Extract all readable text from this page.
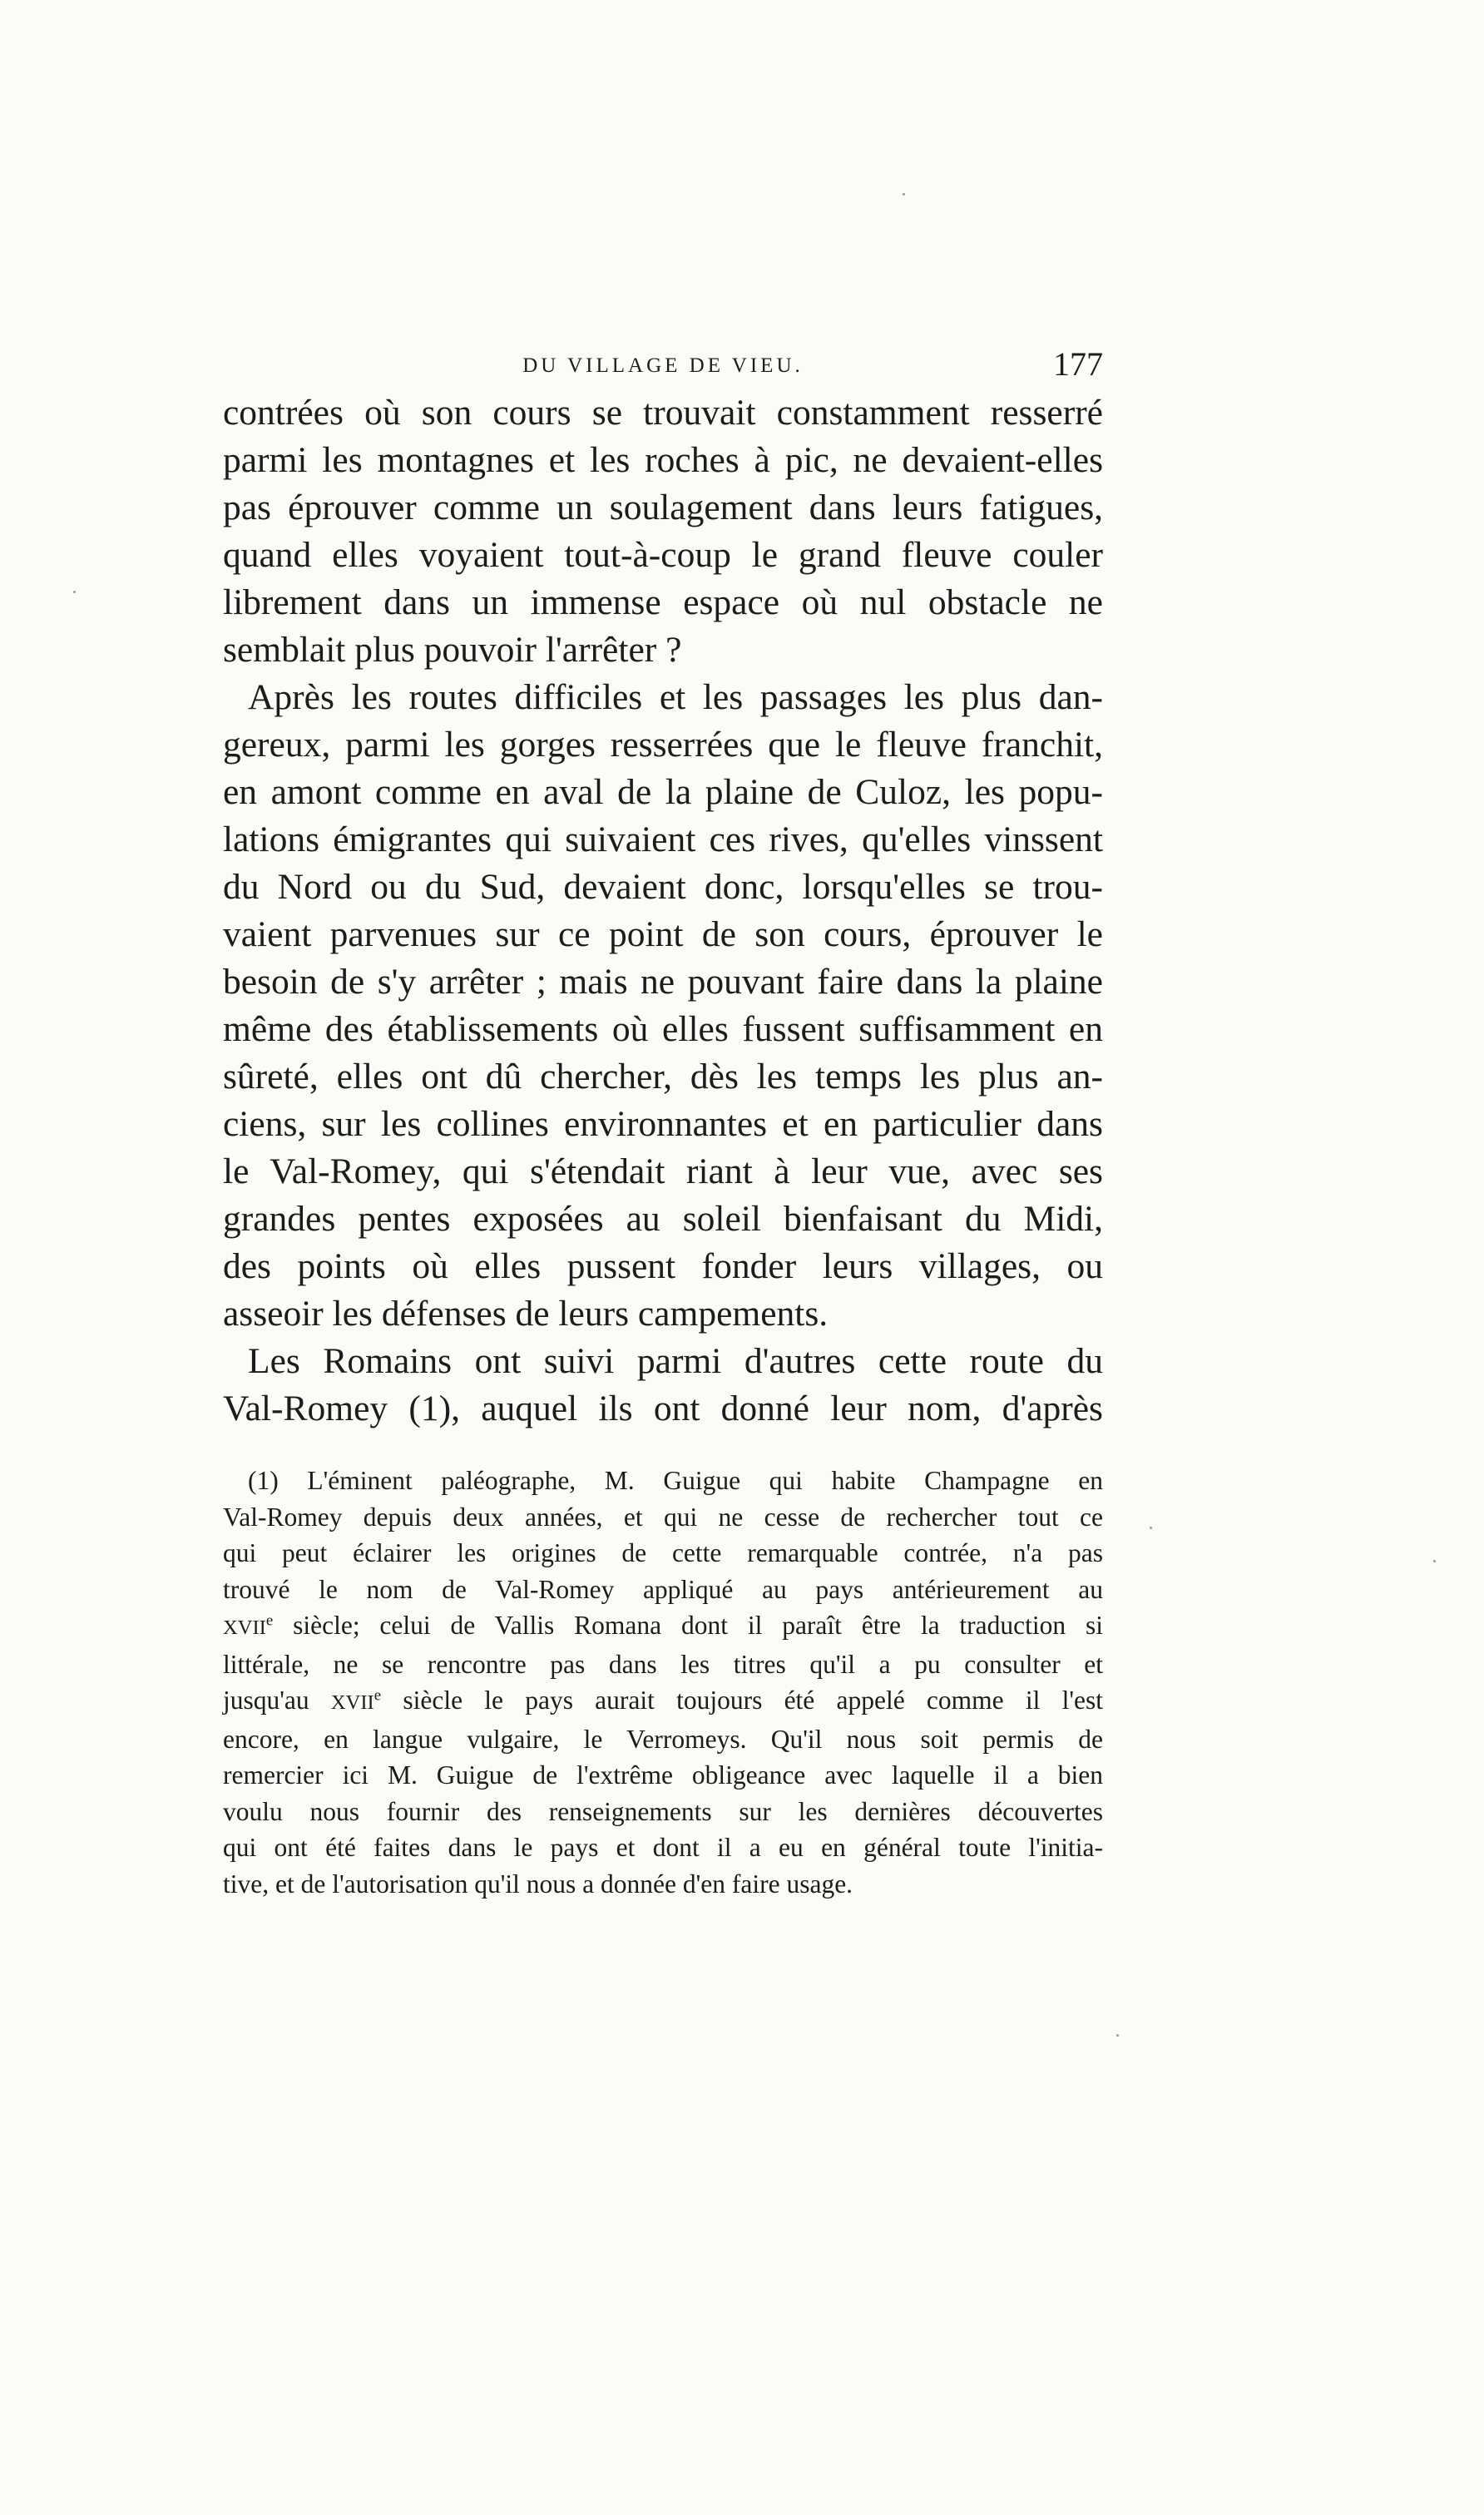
DU VILLAGE DE VIEU.	177
contrées où son cours se trouvait constamment resserré
parmi les montagnes et les roches à pic, ne devaient-elles
pas éprouver comme un soulagement dans leurs fatigues,
quand elles voyaient tout-à-coup le grand fleuve couler
librement dans un immense espace où nul obstacle ne
semblait plus pouvoir l'arrêter ?
Après les routes difficiles et les passages les plus dan-
gereux, parmi les gorges resserrées que le fleuve franchit,
en amont comme en aval de la plaine de Culoz, les popu-
lations émigrantes qui suivaient ces rives, qu'elles vinssent
du Nord ou du Sud, devaient donc, lorsqu'elles se trou-
vaient parvenues sur ce point de son cours, éprouver le
besoin de s'y arrêter ; mais ne pouvant faire dans la plaine
même des établissements où elles fussent suffisamment en
sûreté, elles ont dû chercher, dès les temps les plus an-
ciens, sur les collines environnantes et en particulier dans
le Val-Romey, qui s'étendait riant à leur vue, avec ses
grandes pentes exposées au soleil bienfaisant du Midi,
des points où elles pussent fonder leurs villages, ou
asseoir les défenses de leurs campements.
Les Romains ont suivi parmi d'autres cette route du
Val-Romey (1), auquel ils ont donné leur nom, d'après
(1) L'éminent paléographe, M. Guigue qui habite Champagne en
Val-Romey depuis deux années, et qui ne cesse de rechercher tout ce
qui peut éclairer les origines de cette remarquable contrée, n'a pas
trouvé le nom de Val-Romey appliqué au pays antérieurement au
XVIIe siècle; celui de Vallis Romana dont il paraît être la traduction si
littérale, ne se rencontre pas dans les titres qu'il a pu consulter et
jusqu'au XVIIe siècle le pays aurait toujours été appelé comme il l'est
encore, en langue vulgaire, le Verromeys. Qu'il nous soit permis de
remercier ici M. Guigue de l'extrême obligeance avec laquelle il a bien
voulu nous fournir des renseignements sur les dernières découvertes
qui ont été faites dans le pays et dont il a eu en général toute l'initia-
tive, et de l'autorisation qu'il nous a donnée d'en faire usage.
